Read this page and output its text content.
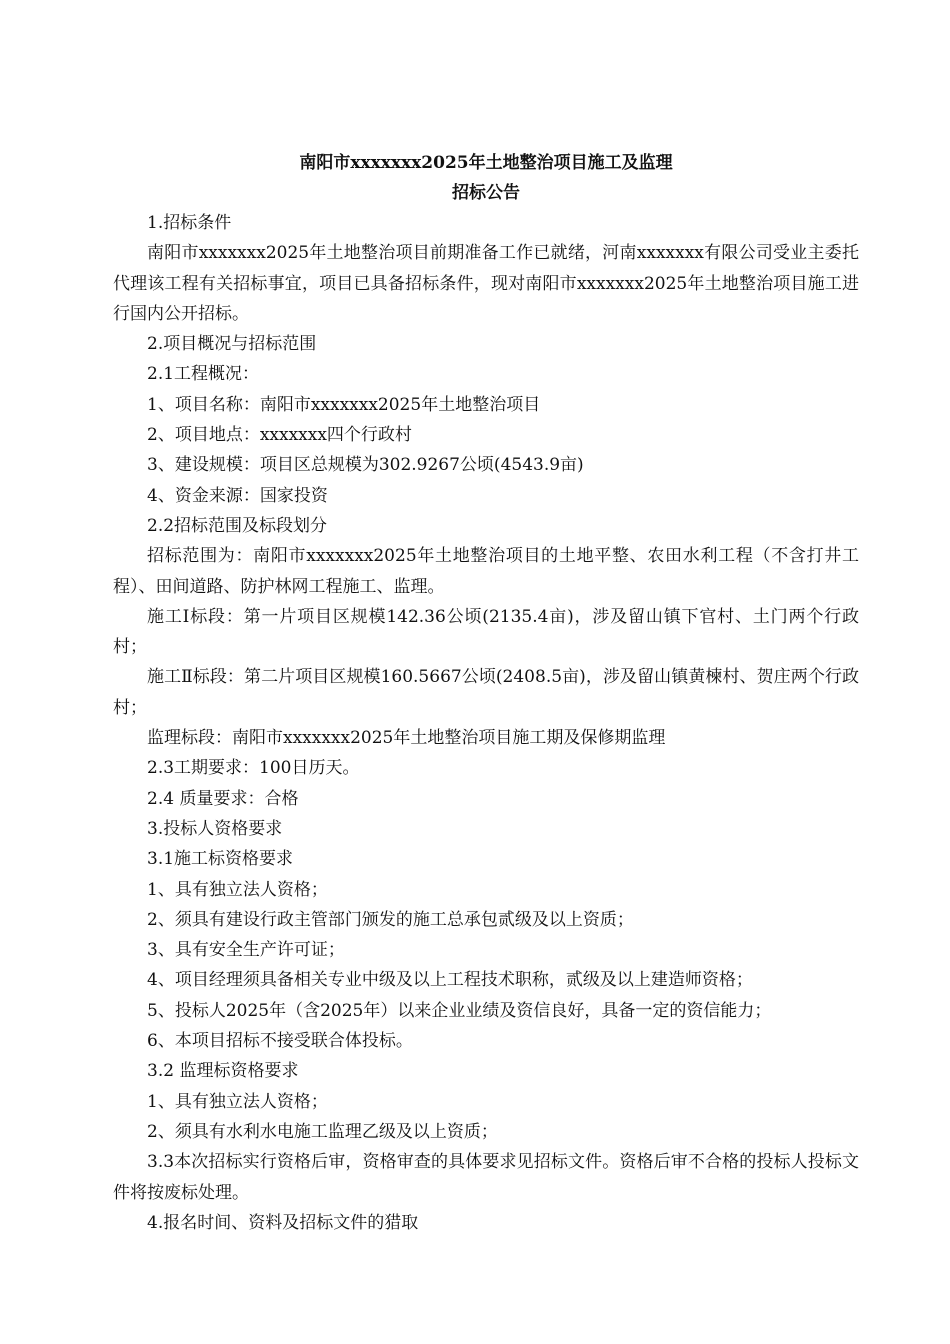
南阳市xxxxxxx2025年土地整治项目施工及监理
招标公告

1.招标条件

南阳市xxxxxxx2025年土地整治项目前期准备工作已就绪，河南xxxxxxx有限公司受业主委托代理该工程有关招标事宜，项目已具备招标条件，现对南阳市xxxxxxx2025年土地整治项目施工进行国内公开招标。

2.项目概况与招标范围

2.1工程概况：

1、项目名称：南阳市xxxxxxx2025年土地整治项目

2、项目地点：xxxxxxx四个行政村

3、建设规模：项目区总规模为302.9267公顷(4543.9亩)

4、资金来源：国家投资

2.2招标范围及标段划分

招标范围为：南阳市xxxxxxx2025年土地整治项目的土地平整、农田水利工程（不含打井工程）、田间道路、防护林网工程施工、监理。

施工Ⅰ标段：第一片项目区规模142.36公顷(2135.4亩)，涉及留山镇下官村、土门两个行政村；

施工Ⅱ标段：第二片项目区规模160.5667公顷(2408.5亩)，涉及留山镇黄楝村、贺庄两个行政村；

监理标段：南阳市xxxxxxx2025年土地整治项目施工期及保修期监理

2.3工期要求：100日历天。

2.4 质量要求：合格

3.投标人资格要求

3.1施工标资格要求

1、具有独立法人资格；

2、须具有建设行政主管部门颁发的施工总承包贰级及以上资质；

3、具有安全生产许可证；

4、项目经理须具备相关专业中级及以上工程技术职称，贰级及以上建造师资格；

5、投标人2025年（含2025年）以来企业业绩及资信良好，具备一定的资信能力；

6、本项目招标不接受联合体投标。

3.2 监理标资格要求

1、具有独立法人资格；

2、须具有水利水电施工监理乙级及以上资质；

3.3本次招标实行资格后审，资格审查的具体要求见招标文件。资格后审不合格的投标人投标文件将按废标处理。

4.报名时间、资料及招标文件的猎取
